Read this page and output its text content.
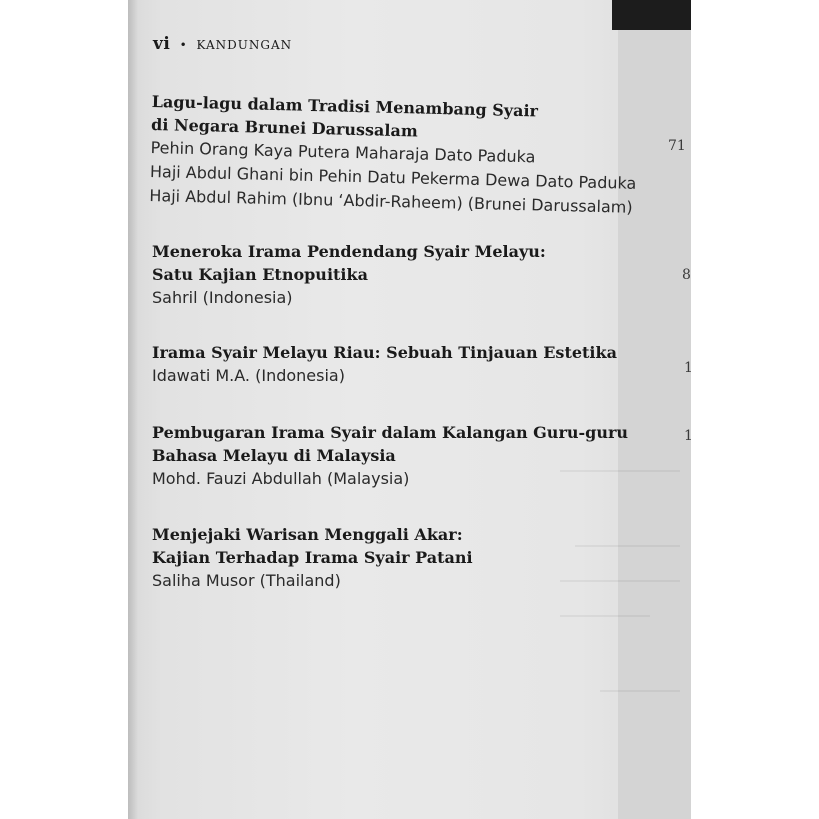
vi • KANDUNGAN
Lagu-lagu dalam Tradisi Menambang Syair
di Negara Brunei Darussalam
Pehin Orang Kaya Putera Maharaja Dato Paduka
Haji Abdul Ghani bin Pehin Datu Pekerma Dewa Dato Paduka
Haji Abdul Rahim (Ibnu ‘Abdir-Raheem) (Brunei Darussalam)
71
Meneroka Irama Pendendang Syair Melayu:
Satu Kajian Etnopuitika
Sahril (Indonesia)
8
Irama Syair Melayu Riau: Sebuah Tinjauan Estetika
Idawati M.A. (Indonesia)	1
Pembugaran Irama Syair dalam Kalangan Guru-guru
Bahasa Melayu di Malaysia
Mohd. Fauzi Abdullah (Malaysia)
1
Menjejaki Warisan Menggali Akar:
Kajian Terhadap Irama Syair Patani
Saliha Musor (Thailand)
